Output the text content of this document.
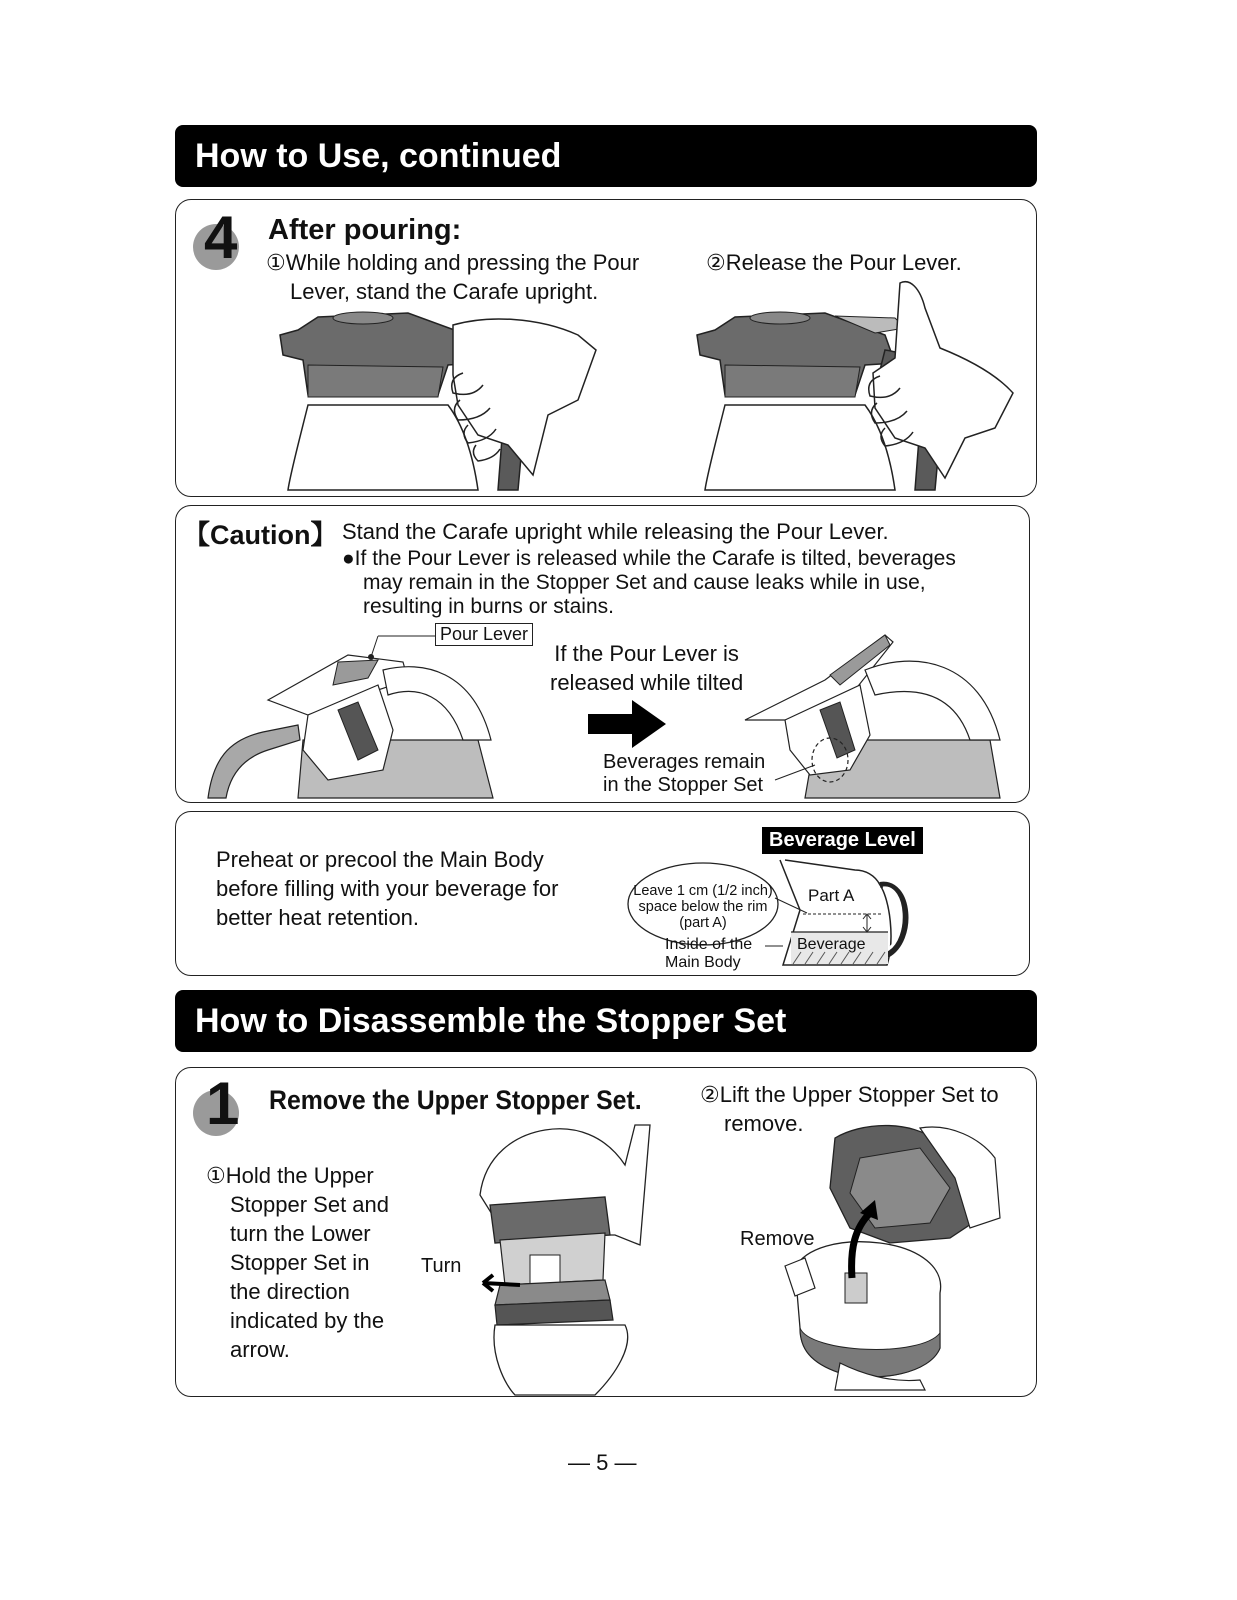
How to Use, continued
4 After pouring:
①While holding and pressing the Pour
Lever, stand the Carafe upright.
②Release the Pour Lever.
【Caution】 Stand the Carafe upright while releasing the Pour Lever.
●If the Pour Lever is released while the Carafe is tilted, beverages
may remain in the Stopper Set and cause leaks while in use,
resulting in burns or stains.
Pour Lever
If the Pour Lever is
released while tilted
Beverages remain
in the Stopper Set
Preheat or precool the Main Body
before filling with your beverage for
better heat retention.
Beverage Level
Leave 1 cm (1/2 inch)
space below the rim
(part A)
Part A
Inside of the
Main Body
Beverage
How to Disassemble the Stopper Set
1 Remove the Upper Stopper Set.
①Hold the Upper
Stopper Set and
turn the Lower
Stopper Set in
the direction
indicated by the
arrow.
Turn
②Lift the Upper Stopper Set to
remove.
Remove
— 5 —
